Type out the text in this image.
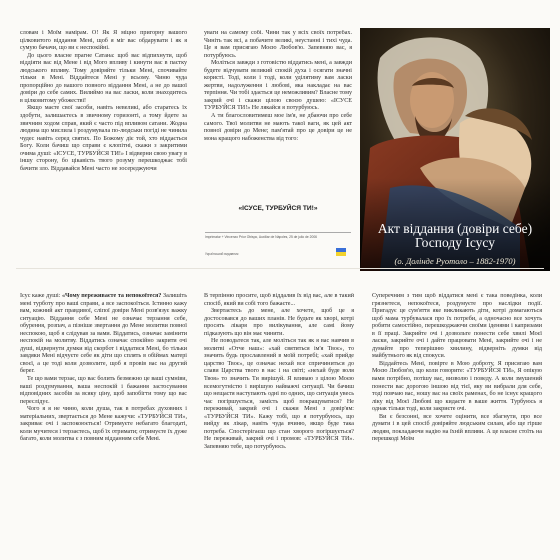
словам і Моїм намірам. О! Як Я міцно пригорну вашого цілковитого віддання Мені, щоб я міг вас обдарувати і як я сумую бачачи, що ви є неспокійні.

До цього власне прагне Сатана: щоб вас відпихнути, щоб віддіяти вас від Мене і від Мого впливу і кинути вас в пастку людського впливу. Тому довіряйте тільки Мені, спочивайте тільки в Мені. Віддайтеся Мені у всьому. Чиню чуда пропорційно до вашого повного віддання Мені, а не до вашої довіри до себе самих. Вилиймо на вас ласки, коли знаходитесь в цілковитому убожестві!

Якщо маєте свої засоби, навіть невеликі, або старатесь їх здобути, залишаєтесь в звичному горизонті, а тому йдете за звичним ходом справ, який є часто під впливом сатани. Жодна людина що мислила і роздумувала по-людськи погіді не чинила чудес навіть серед святих. По Божому діє той, хто віддається Богу. Коли бачиш що справи є клопітні, скажи з закритими очима душі: «ІСУСЕ, ТУРБУЙСЯ ТИ!» І відверни свою увагу в іншу сторону, бо цікавість твого розуму перешкоджає тобі бачити зло. Віддавайся Мені часто не зосереджуючи

уваги на самому собі. Чини так у всіх своїх потребах. Чиніть так всі, а побачите великі, неустанні і тихі чуда. Це я вам присягаю Моєю Любов'ю. Запевняю вас, я потурбуюсь.

Моліться завжди з готовістю віддатись мені, а завжди будете відчувати великий спокій духа і осягати значні користі. Тоді, коли і тоді, коли уділятиму вам ласки жертви, надолуження і любові, яка накладає на вас терпіння. Чи тобі здається це неможливим? Власне тому закрий очі і скажи цілою своєю душею: «ІСУСЕ ТУРБУЙСЯ ТИ!» Не лякайся я потурбуюсь.

А ти благословитимеш мое ім'я, не дбаючи про себе самого. Твої молитви не мають такої ваги, як цей акт повної довіри до Мене; пам'ятай про це довіри це не мона кращого набоженства від того:

«ІСУСЕ, ТУРБУЙСЯ ТИ!»
Imprimatur + Vincenzo Prior Obispo, Auxiliar de Nápoles, 25 de julio de 2006
Український видавник
Акт віддання (довіри себе) Господу Ісусу
(о. Долінде Руотоло – 1882-1970)

Ісус каже душі: «Чому переживаєте та непокоїтеся? Залишіть мені турботу про ваші справи, а все заспокоїться. Істинно кажу вам, кожний акт правдивої, сліпої довіри Мені розв'язує важку ситуацію. Віддання себе Мені не означає терзання себе, обурення, розпач, а пізніше звертання до Мене молитви повної неспокою, щоб я слідував за вами. Віддатись, означає замінити неспокій на молитву. Віддатись означає спокійно закрити очі душі, відвернути думки від скорбот і віддатися Мені, бо тільки завдяки Мені відчуєте себе як діти що сплять в обіймах матері своєї, а це тоді коли дозволите, щоб я провів вас на другий берег.

Те що вами терзає, що вас болить безмежно це ваші сумніви, ваші роздумування, ваша неспокій і бажання застосування відповідних засобів за всяку ціну, щоб запобігти тому що вас переслідує.

Чого я я не чиню, коли душа, так в потребах духовних і матеріальних, звертається до Мене кажучи: «ТУРБУЙСЯ ТИ», закриває очі і заспокоюється! Отримуєте небагато благодаті, коли мучитеся і терзаєтесь, щоб їх отримати; отримуєте їх дуже багато, коли молитва є з повним відданням себе Мені.

В терпінню просите, щоб віддалив їх від вас, але в такий спосіб, який ви собі того бажаєте...

Звертаєтесь до мене, але хочете, щоб це я достосовався до ваших планів. Не будьте як хворі, котрі просять лікаря про вилікування, але самі йому підказують що він має чинити.

Не поводьтеся так, але моліться так як я вас навчив в молитві «Отче наш»: «хай святиться ім'я Твоє», то значить будь прославлений в моїй потребі; «хай прийде царство Твоє», це означає нехай все спричиниться до слави Царства твого в нас і на світі; «нехай буде воля Твоя» то значить Ти вирішуй. Я вливаю з цілою Моєю всемогутністю і вирішую найважчі ситуації. Чи бачиш що нещастя наступають одні по одних, що ситуація увесь час погіршується, замість щоб покращуватися? Не переживай, закрий очі і скажи Мені з довір'ям: «ТУРБУЙСЯ ТИ». Кажу тобі, що я потурбуюсь, що вийду як лікар, навіть чуда вчиню, якщо буде така потреба. Спостерігаєш що стан хворого погіршується? Не переживай, закрий очі і промов: «ТУРБУЙСЯ ТИ». Запевняю тебе, що потурбуюсь.

Суперечним з тим щоб віддатися мені є така поведінка, коли грязнетеся, непокоїтеся, роздумуєте про наслідки події. Пригадує це сум'яття яке викликають діти, котрі домагаються щоб мама турбувалася про їх потреби, а одночасно все хочуть робити самостійно, перешкоджаючи своїми іденями і капризами в її праці. Закрийте очі і дозвольте понести себе хвилі Моєї ласки, закрийте очі і дайте працювати Мені, закрийте очі і не думайте про теперішню хвилину, відверніть думки від майбутнього як від спокуси.

Віддайтесь Мені, повірте в Мою доброту, Я присягаю вам Моєю Любов'ю, що коли говорите: «ТУРБУЙСЯ ТИ», Я опікую вами потрібно, потішу вас, визволю і поведу. А коли змушений понести вас дорогою іншою від тієї, яку ви вибрали для себе, тоді повчаю вас, ношу вас на своїх раменах, бо не існує кращого ліку від Моєї Любові що кидаєте в ваше життя. Турбуюсь я однак тільки тоді, коли закриєте очі.

Ви є безсонні, все хочете оцінити, все збагнути, про все думати і в цей спосіб довіряйте людським силам, або ще гірше людям, покладаючи надію на їхній впливи. А це власне стоїть на перешкоді Моїм
